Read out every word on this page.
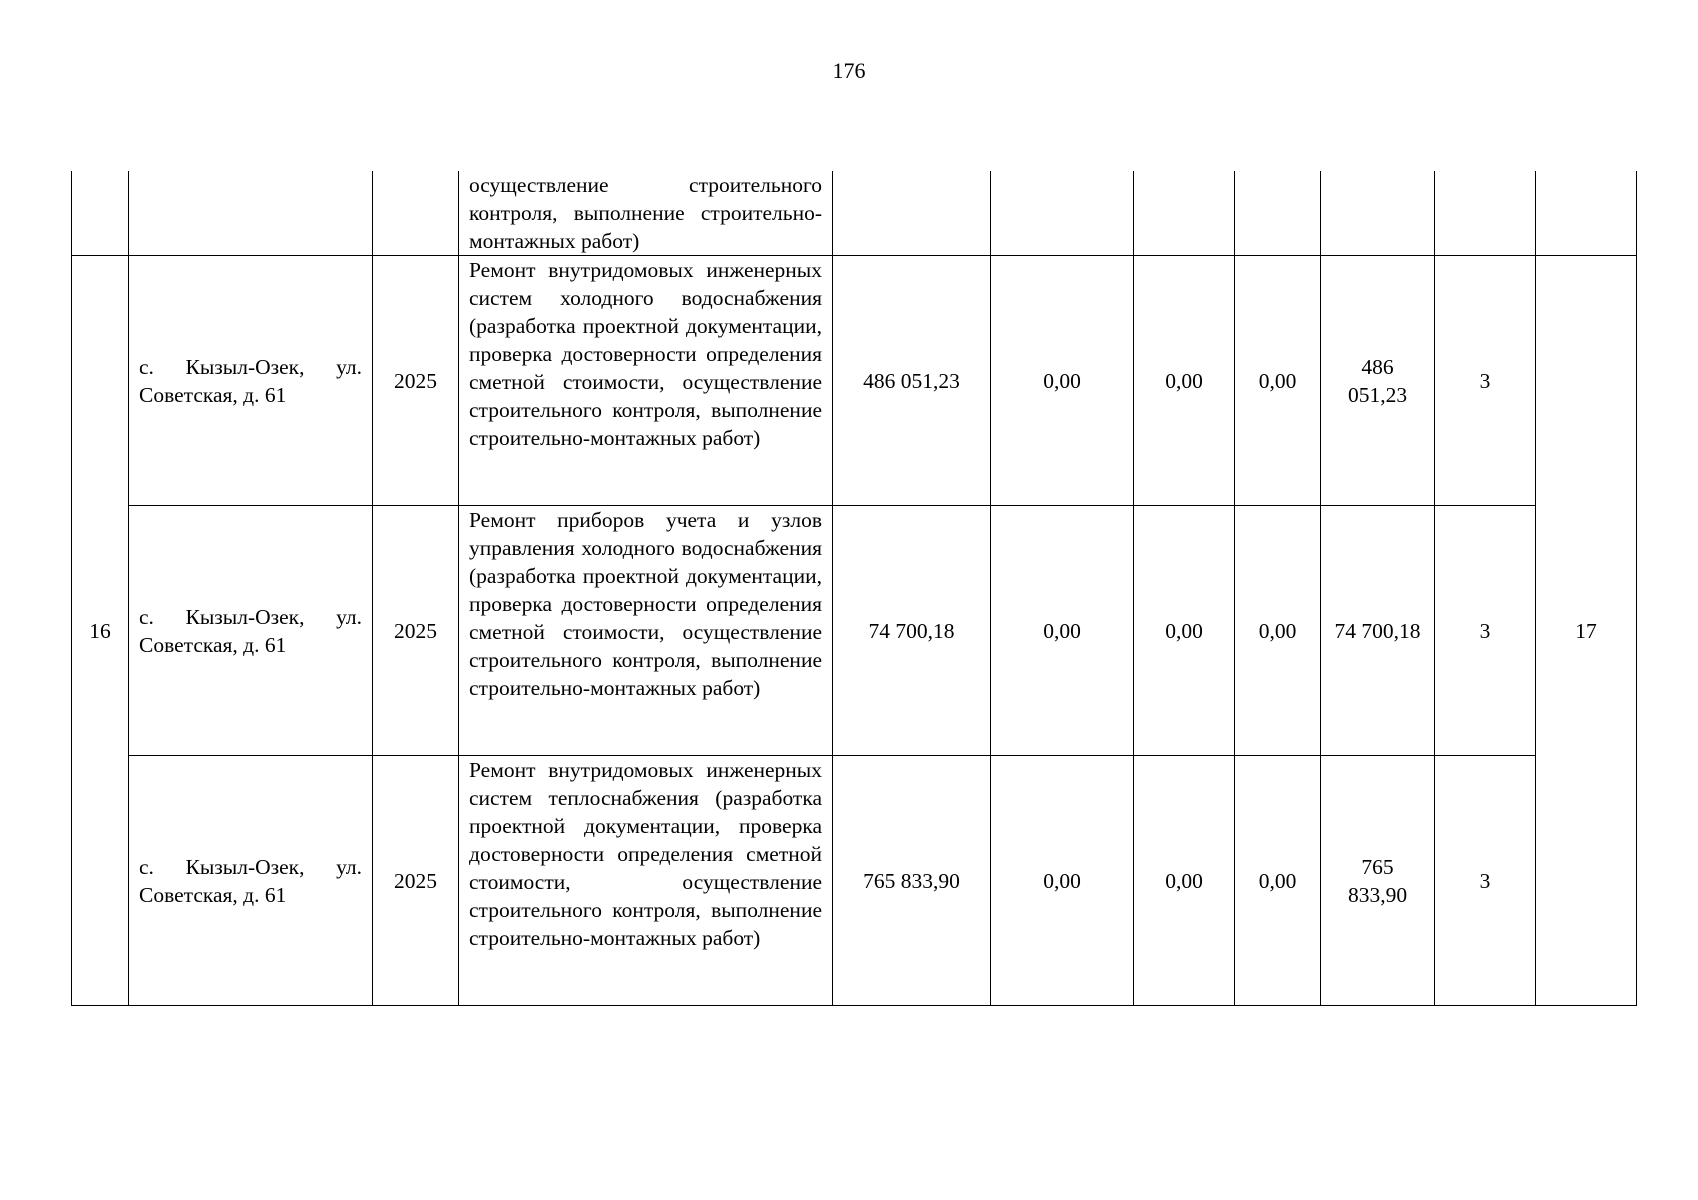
176

			осуществление строительного контроля, выполнение строительно-монтажных работ)							

16	с. Кызыл-Озек, ул. Советская, д. 61	2025	Ремонт внутридомовых инженерных систем холодного водоснабжения (разработка проектной документации, проверка достоверности определения сметной стоимости, осуществление строительного контроля, выполнение строительно-монтажных работ)	486 051,23	0,00	0,00	0,00	486 051,23	3	17
	с. Кызыл-Озек, ул. Советская, д. 61	2025	Ремонт приборов учета и узлов управления холодного водоснабжения (разработка проектной документации, проверка достоверности определения сметной стоимости, осуществление строительного контроля, выполнение строительно-монтажных работ)	74 700,18	0,00	0,00	0,00	74 700,18	3	
	с. Кызыл-Озек, ул. Советская, д. 61	2025	Ремонт внутридомовых инженерных систем теплоснабжения (разработка проектной документации, проверка достоверности определения сметной стоимости, осуществление строительного контроля, выполнение строительно-монтажных работ)	765 833,90	0,00	0,00	0,00	765 833,90	3	
